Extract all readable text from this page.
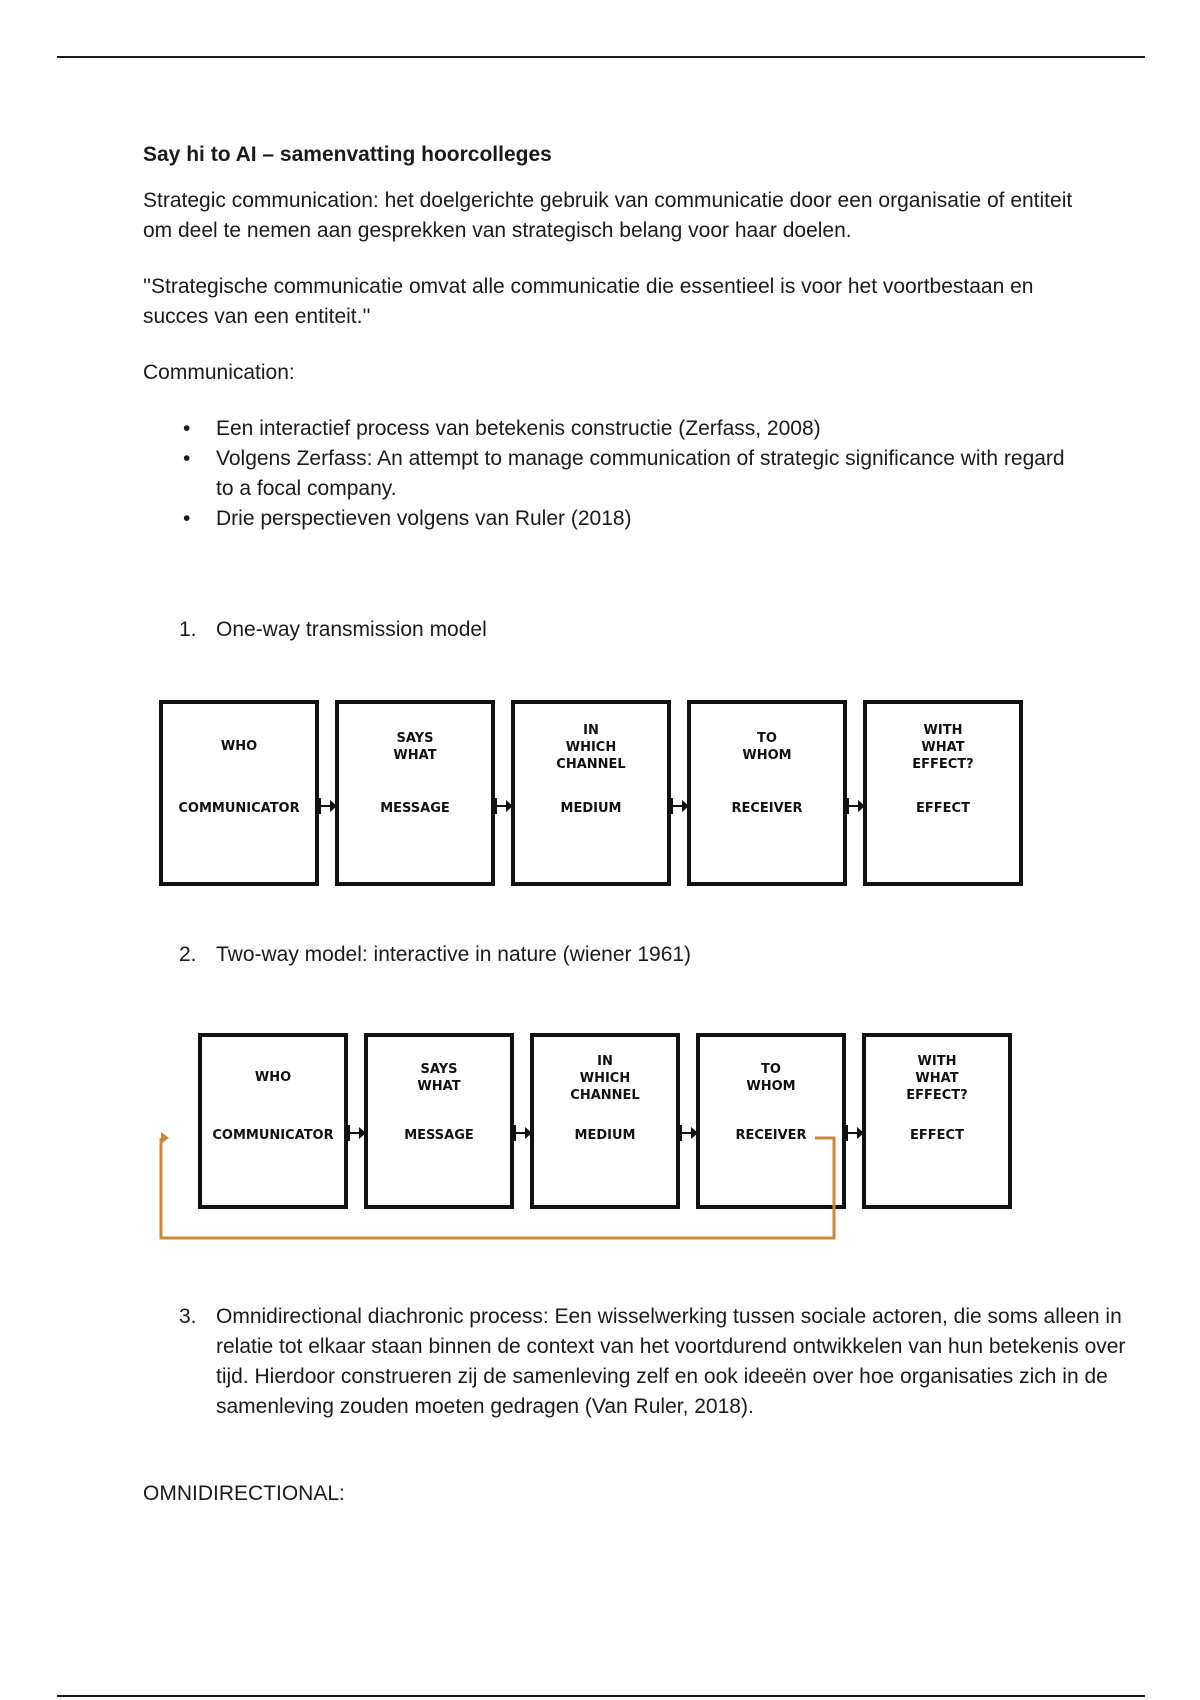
Say hi to AI – samenvatting hoorcolleges

Strategic communication: het doelgerichte gebruik van communicatie door een organisatie of entiteit om deel te nemen aan gesprekken van strategisch belang voor haar doelen.

''Strategische communicatie omvat alle communicatie die essentieel is voor het voortbestaan en succes van een entiteit.''

Communication:

• Een interactief process van betekenis constructie (Zerfass, 2008)
• Volgens Zerfass: An attempt to manage communication of strategic significance with regard to a focal company.
• Drie perspectieven volgens van Ruler (2018)
1. One-way transmission model
WHO
COMMUNICATOR
SAYS
WHAT
MESSAGE
IN
WHICH
CHANNEL
MEDIUM
TO
WHOM
RECEIVER
WITH
WHAT
EFFECT?
EFFECT
2. Two-way model: interactive in nature (wiener 1961)
WHO
COMMUNICATOR
SAYS
WHAT
MESSAGE
IN
WHICH
CHANNEL
MEDIUM
TO
WHOM
RECEIVER
WITH
WHAT
EFFECT?
EFFECT
3. Omnidirectional diachronic process: Een wisselwerking tussen sociale actoren, die soms alleen in relatie tot elkaar staan binnen de context van het voortdurend ontwikkelen van hun betekenis over tijd. Hierdoor construeren zij de samenleving zelf en ook ideeën over hoe organisaties zich in de samenleving zouden moeten gedragen (Van Ruler, 2018).
OMNIDIRECTIONAL:
